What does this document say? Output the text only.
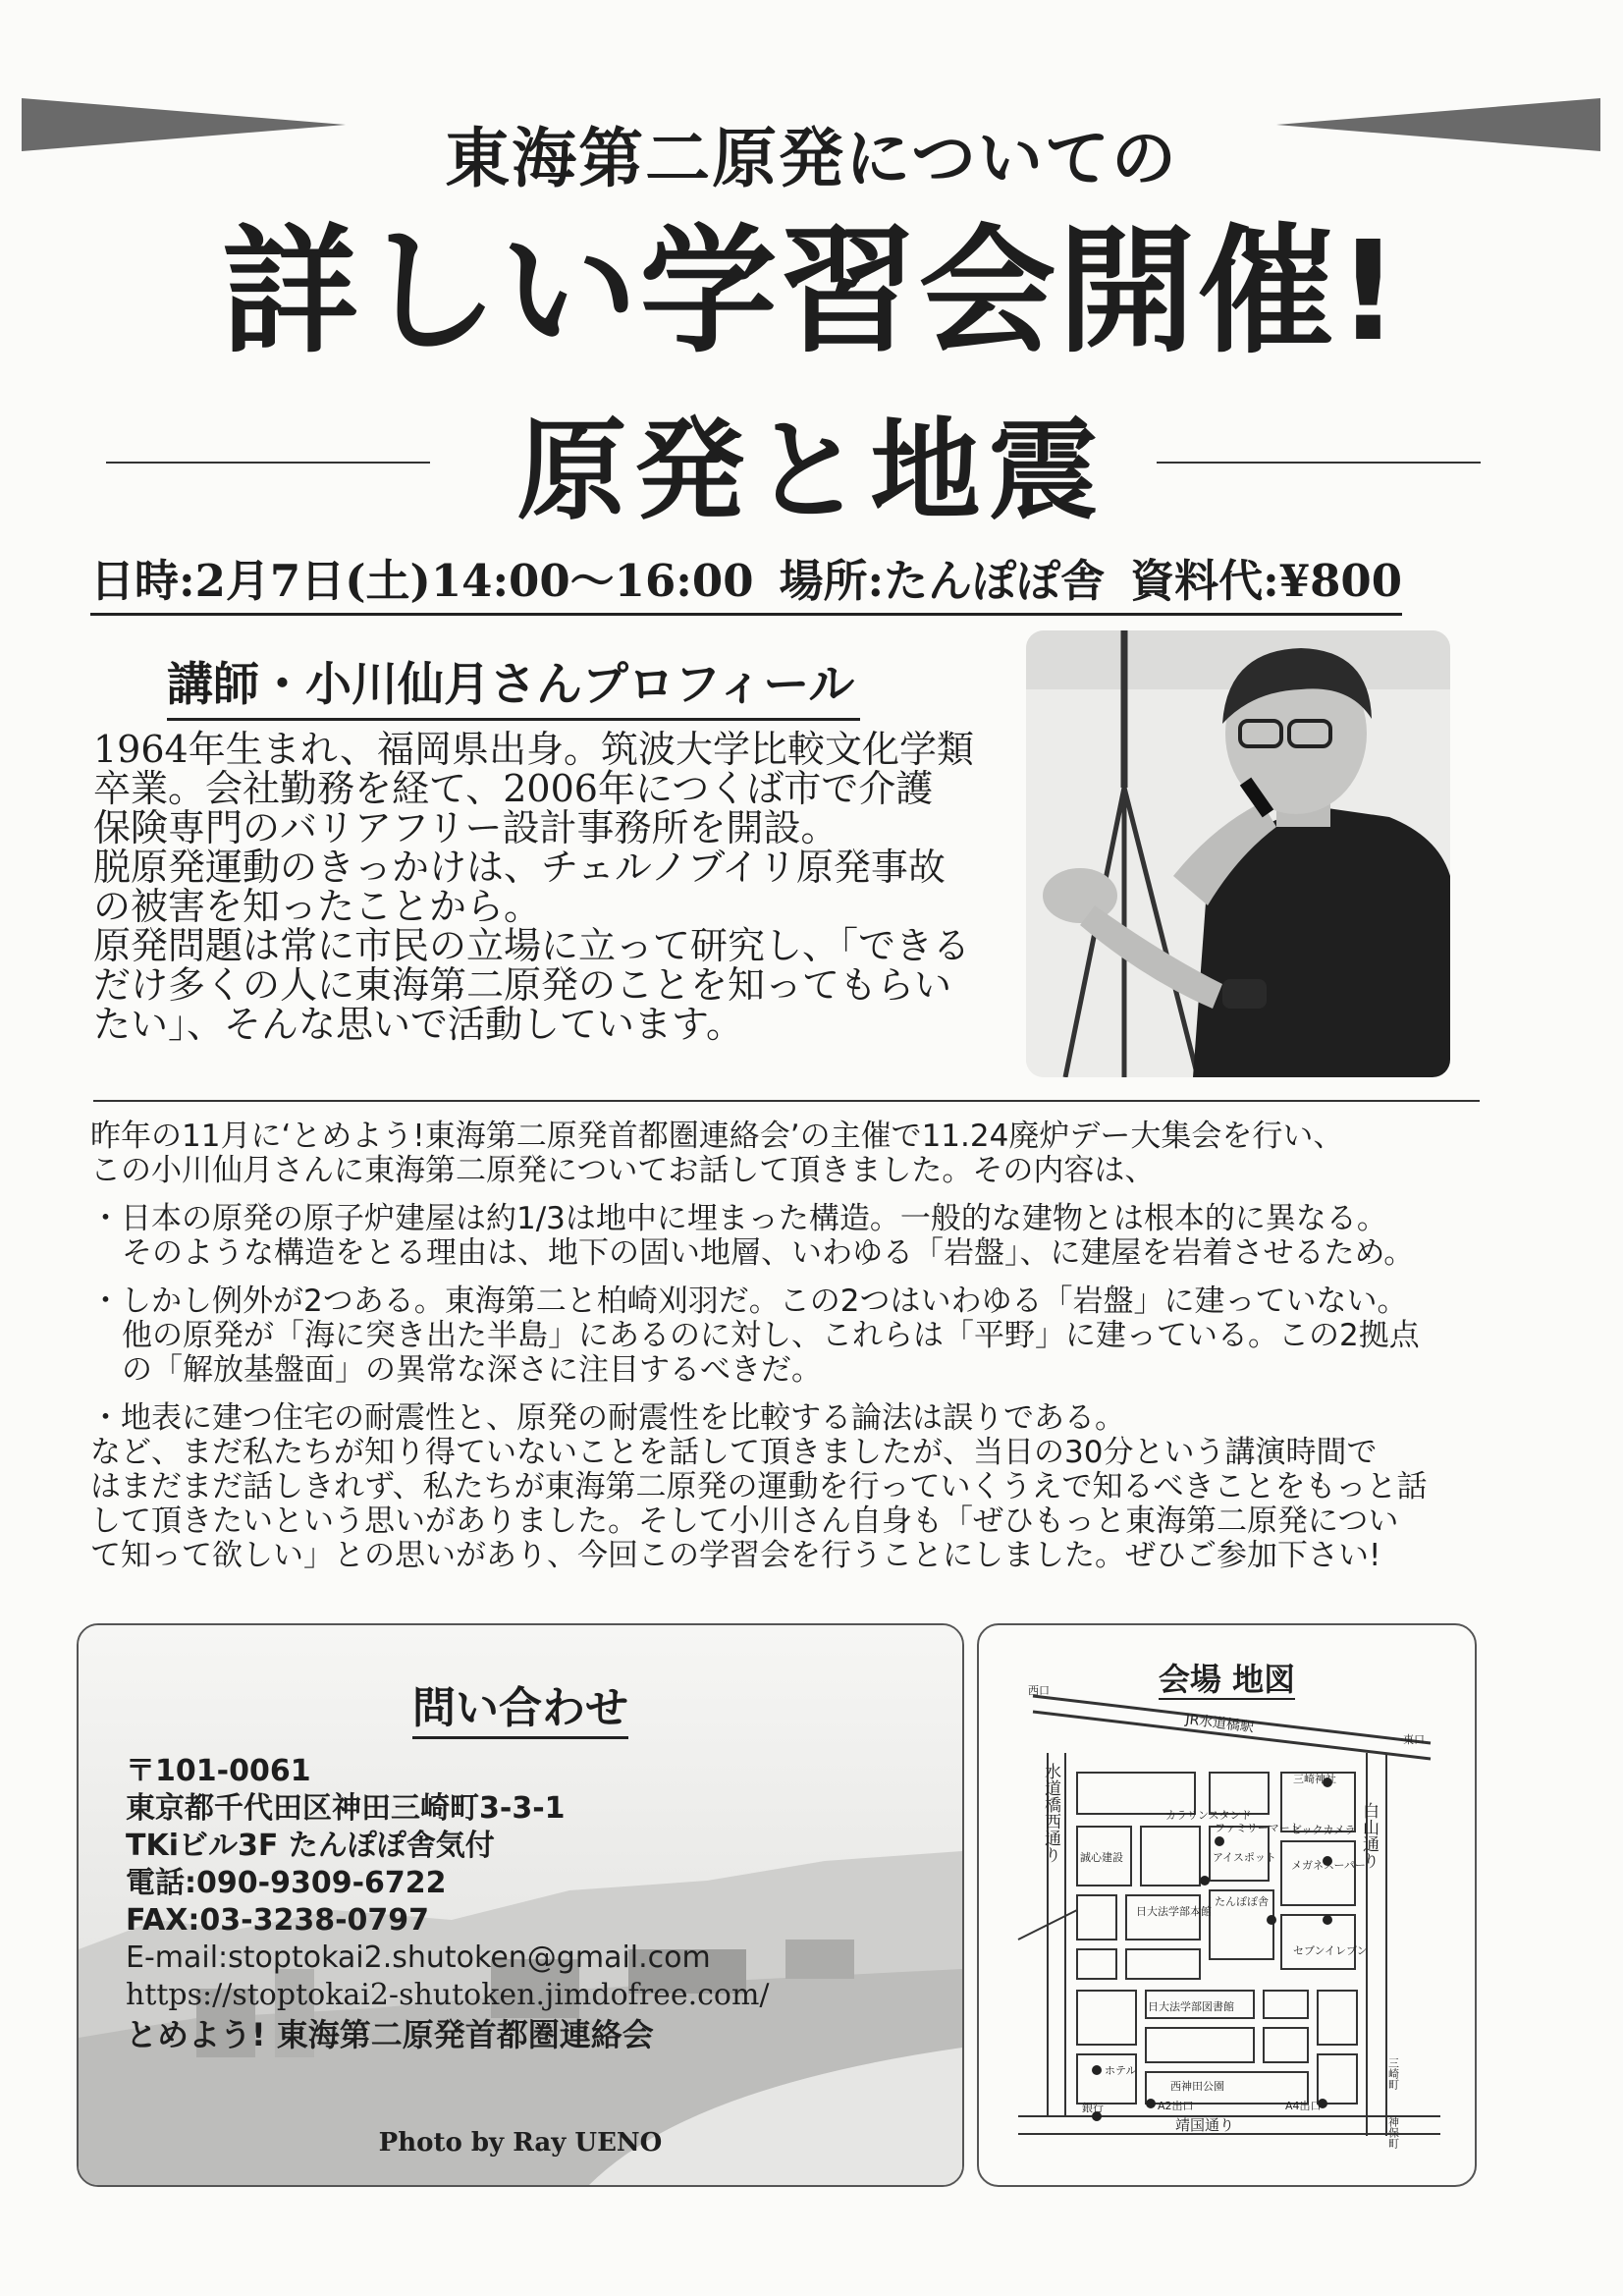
東海第二原発についての
詳しい学習会開催!
原発と地震
日時:2月7日(土)14:00〜16:00 場所:たんぽぽ舎 資料代:¥800
講師・小川仙月さんプロフィール
1964年生まれ、福岡県出身。筑波大学比較文化学類
卒業。会社勤務を経て、2006年につくば市で介護
保険専門のバリアフリー設計事務所を開設。
脱原発運動のきっかけは、チェルノブイリ原発事故
の被害を知ったことから。
原発問題は常に市民の立場に立って研究し、「できる
だけ多くの人に東海第二原発のことを知ってもらい
たい」、そんな思いで活動しています。
昨年の11月に‘とめよう!東海第二原発首都圏連絡会’の主催で11.24廃炉デー大集会を行い、
この小川仙月さんに東海第二原発についてお話して頂きました。その内容は、
・日本の原発の原子炉建屋は約1/3は地中に埋まった構造。一般的な建物とは根本的に異なる。
そのような構造をとる理由は、地下の固い地層、いわゆる「岩盤」、に建屋を岩着させるため。
・しかし例外が2つある。東海第二と柏崎刈羽だ。この2つはいわゆる「岩盤」に建っていない。
他の原発が「海に突き出た半島」にあるのに対し、これらは「平野」に建っている。この2拠点
の「解放基盤面」の異常な深さに注目するべきだ。
・地表に建つ住宅の耐震性と、原発の耐震性を比較する論法は誤りである。
など、まだ私たちが知り得ていないことを話して頂きましたが、当日の30分という講演時間で
はまだまだ話しきれず、私たちが東海第二原発の運動を行っていくうえで知るべきことをもっと話
して頂きたいという思いがありました。そして小川さん自身も「ぜひもっと東海第二原発につい
て知って欲しい」との思いがあり、今回この学習会を行うことにしました。ぜひご参加下さい!
問い合わせ
〒101-0061
東京都千代田区神田三崎町3-3-1
TKiビル3F たんぽぽ舎気付
電話:090-9309-6722
FAX:03-3238-0797
E-mail:stoptokai2.shutoken@gmail.com
https://stoptokai2-shutoken.jimdofree.com/
とめよう! 東海第二原発首都圏連絡会
Photo by Ray UENO
会場 地図
JR水道橋駅
東口
西口
水道橋西通り	白山通り
三崎神社
カラリンスタンド
ファミリーマート
ビックカメラ
メガネスーパー
誠心建設	アイスポット
たんぽぽ舎
日大法学部本館
セブンイレブン
日大法学部図書館
ホテル
西神田公園
銀行	A2出口	A4出口
靖国通り
三崎町
神保町
